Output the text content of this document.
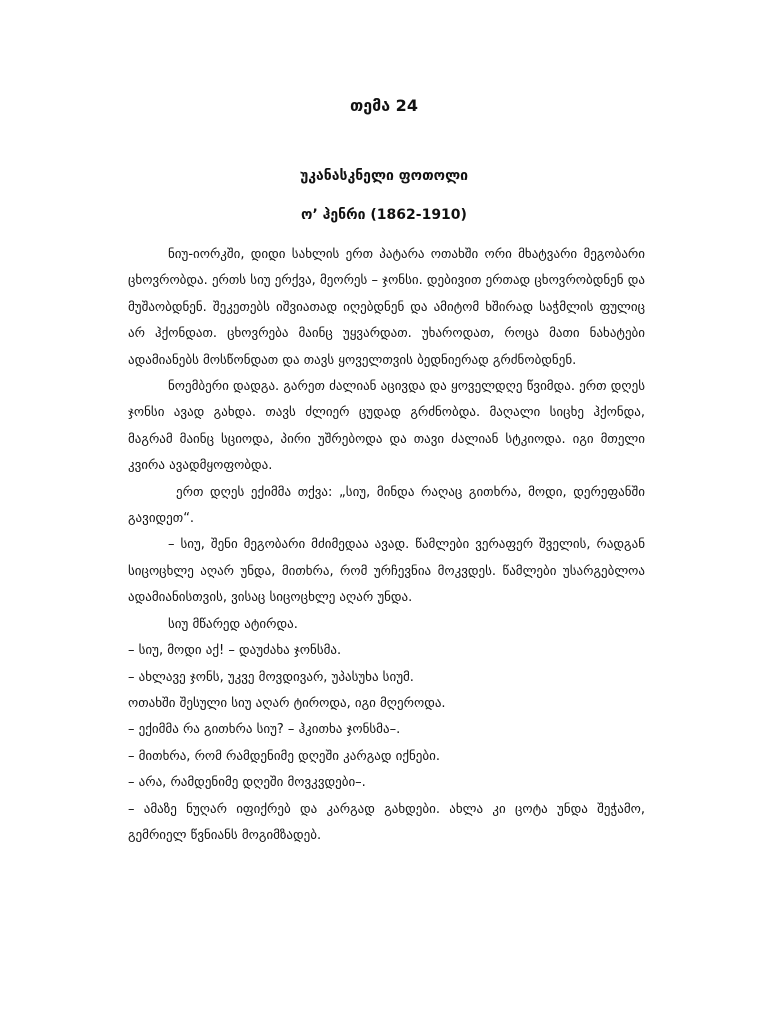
თემა 24
უკანასკნელი ფოთოლი
ო’ ჰენრი (1862-1910)

ნიუ-იორკში, დიდი სახლის ერთ პატარა ოთახში ორი მხატვარი მეგობარი ცხოვრობდა. ერთს სიუ ერქვა, მეორეს – ჯონსი. დებივით ერთად ცხოვრობდნენ და მუშაობდნენ. შეკეთებს იშვიათად იღებდნენ და ამიტომ ხშირად საჭმლის ფულიც არ ჰქონდათ. ცხოვრება მაინც უყვარდათ. უხაროდათ, როცა მათი ნახატები ადამიანებს მოსწონდათ და თავს ყოველთვის ბედნიერად გრძნობდნენ.

ნოემბერი დადგა. გარეთ ძალიან აცივდა და ყოველდღე წვიმდა. ერთ დღეს ჯონსი ავად გახდა. თავს ძლიერ ცუდად გრძნობდა. მაღალი სიცხე ჰქონდა, მაგრამ მაინც სციოდა, პირი უშრებოდა და თავი ძალიან სტკიოდა. იგი მთელი კვირა ავადმყოფობდა.

ერთ დღეს ექიმმა თქვა: „სიუ, მინდა რაღაც გითხრა, მოდი, დერეფანში გავიდეთ“.

– სიუ, შენი მეგობარი მძიმედაა ავად. წამლები ვერაფერ შველის, რადგან სიცოცხლე აღარ უნდა, მითხრა, რომ ურჩევნია მოკვდეს. წამლები უსარგებლოა ადამიანისთვის, ვისაც სიცოცხლე აღარ უნდა.

სიუ მწარედ ატირდა.

– სიუ, მოდი აქ! – დაუძახა ჯონსმა.

– ახლავე ჯონს, უკვე მოვდივარ, უპასუხა სიუმ.

ოთახში შესული სიუ აღარ ტიროდა, იგი მღეროდა.

– ექიმმა რა გითხრა სიუ? – ჰკითხა ჯონსმა–.

– მითხრა, რომ რამდენიმე დღეში კარგად იქნები.

– არა, რამდენიმე დღეში მოვკვდები–.

– ამაზე ნუღარ იფიქრებ და კარგად გახდები. ახლა კი ცოტა უნდა შეჭამო, გემრიელ წვნიანს მოგიმზადებ.
